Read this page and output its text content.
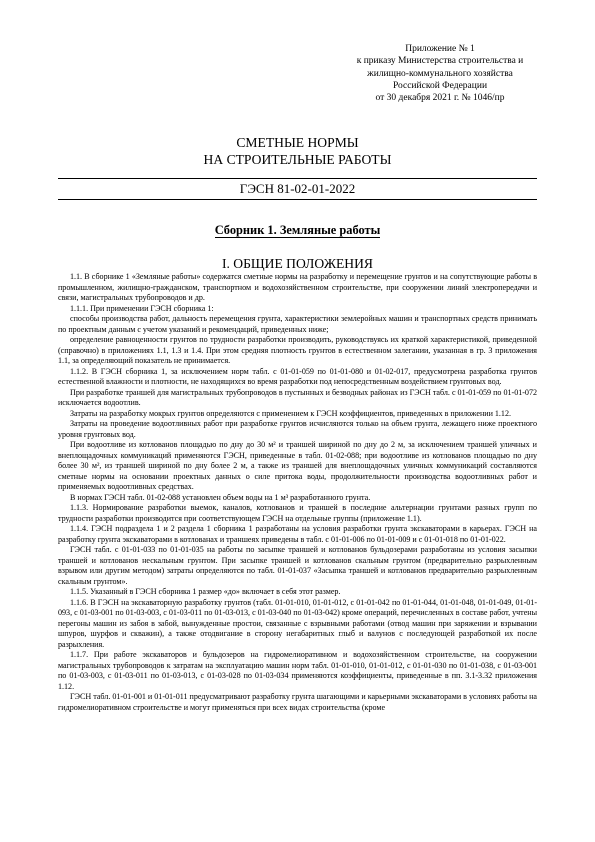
Приложение № 1
к приказу Министерства строительства и
жилищно-коммунального хозяйства
Российской Федерации
от 30 декабря 2021 г. № 1046/пр
СМЕТНЫЕ НОРМЫ
НА СТРОИТЕЛЬНЫЕ РАБОТЫ
ГЭСН 81-02-01-2022
Сборник 1. Земляные работы
I. ОБЩИЕ ПОЛОЖЕНИЯ

1.1. В сборнике 1 «Земляные работы» содержатся сметные нормы на разработку и перемещение грунтов и на сопутствующие работы в промышленном, жилищно-гражданском, транспортном и водохозяйственном строительстве, при сооружении линий электропередачи и связи, магистральных трубопроводов и др.

1.1.1. При применении ГЭСН сборника 1:

способы производства работ, дальность перемещения грунта, характеристики землеройных машин и транспортных средств принимать по проектным данным с учетом указаний и рекомендаций, приведенных ниже;

определение равноценности грунтов по трудности разработки производить, руководствуясь их краткой характеристикой, приведенной (справочно) в приложениях 1.1, 1.3 и 1.4. При этом средняя плотность грунтов в естественном залегании, указанная в гр. 3 приложения 1.1, за определяющий показатель не принимается.

1.1.2. В ГЭСН сборника 1, за исключением норм табл. с 01-01-059 по 01-01-080 и 01-02-017, предусмотрена разработка грунтов естественной влажности и плотности, не находящихся во время разработки под непосредственным воздействием грунтовых вод.

При разработке траншей для магистральных трубопроводов в пустынных и безводных районах из ГЭСН табл. с 01-01-059 по 01-01-072 исключается водоотлив.

Затраты на разработку мокрых грунтов определяются с применением к ГЭСН коэффициентов, приведенных в приложении 1.12.

Затраты на проведение водоотливных работ при разработке грунтов исчисляются только на объем грунта, лежащего ниже проектного уровня грунтовых вод.

При водоотливе из котлованов площадью по дну до 30 м² и траншей шириной по дну до 2 м, за исключением траншей уличных и внеплощадочных коммуникаций применяются ГЭСН, приведенные в табл. 01-02-088; при водоотливе из котлованов площадью по дну более 30 м², из траншей шириной по дну более 2 м, а также из траншей для внеплощадочных уличных коммуникаций составляются сметные нормы на основании проектных данных о силе притока воды, продолжительности производства водоотливных работ и применяемых водоотливных средствах.

В нормах ГЭСН табл. 01-02-088 установлен объем воды на 1 м³ разработанного грунта.

1.1.3. Нормирование разработки выемок, каналов, котлованов и траншей в последние альтернации грунтами разных групп по трудности разработки производится при соответствующем ГЭСН на отдельные группы (приложение 1.1).

1.1.4. ГЭСН подраздела 1 и 2 раздела 1 сборника 1 разработаны на условия разработки грунта экскаваторами в карьерах. ГЭСН на разработку грунта экскаваторами в котлованах и траншеях приведены в табл. с 01-01-006 по 01-01-009 и с 01-01-018 по 01-01-022.

ГЭСН табл. с 01-01-033 по 01-01-035 на работы по засыпке траншей и котлованов бульдозерами разработаны из условия засыпки траншей и котлованов нескальным грунтом. При засыпке траншей и котлованов скальным грунтом (предварительно разрыхленным взрывом или другим методом) затраты определяются по табл. 01-01-037 «Засыпка траншей и котлованов предварительно разрыхленным скальным грунтом».

1.1.5. Указанный в ГЭСН сборника 1 размер «до» включает в себя этот размер.

1.1.6. В ГЭСН на экскаваторную разработку грунтов (табл. 01-01-010, 01-01-012, с 01-01-042 по 01-01-044, 01-01-048, 01-01-049, 01-01-093, с 01-03-001 по 01-03-003, с 01-03-011 по 01-03-013, с 01-03-040 по 01-03-042) кроме операций, перечисленных в составе работ, учтены перегоны машин из забоя в забой, вынужденные простои, связанные с взрывными работами (отвод машин при заряжении и взрывании шпуров, шурфов и скважин), а также отодвигание в сторону негабаритных глыб и валунов с последующей разработкой их после разрыхления.

1.1.7. При работе экскаваторов и бульдозеров на гидромелиоративном и водохозяйственном строительстве, на сооружении магистральных трубопроводов к затратам на эксплуатацию машин норм табл. 01-01-010, 01-01-012, с 01-01-030 по 01-01-038, с 01-03-001 по 01-03-003, с 01-03-011 по 01-03-013, с 01-03-028 по 01-03-034 применяются коэффициенты, приведенные в пп. 3.1-3.32 приложения 1.12.

ГЭСН табл. 01-01-001 и 01-01-011 предусматривают разработку грунта шагающими и карьерными экскаваторами в условиях работы на гидромелиоративном строительстве и могут применяться при всех видах строительства (кроме
